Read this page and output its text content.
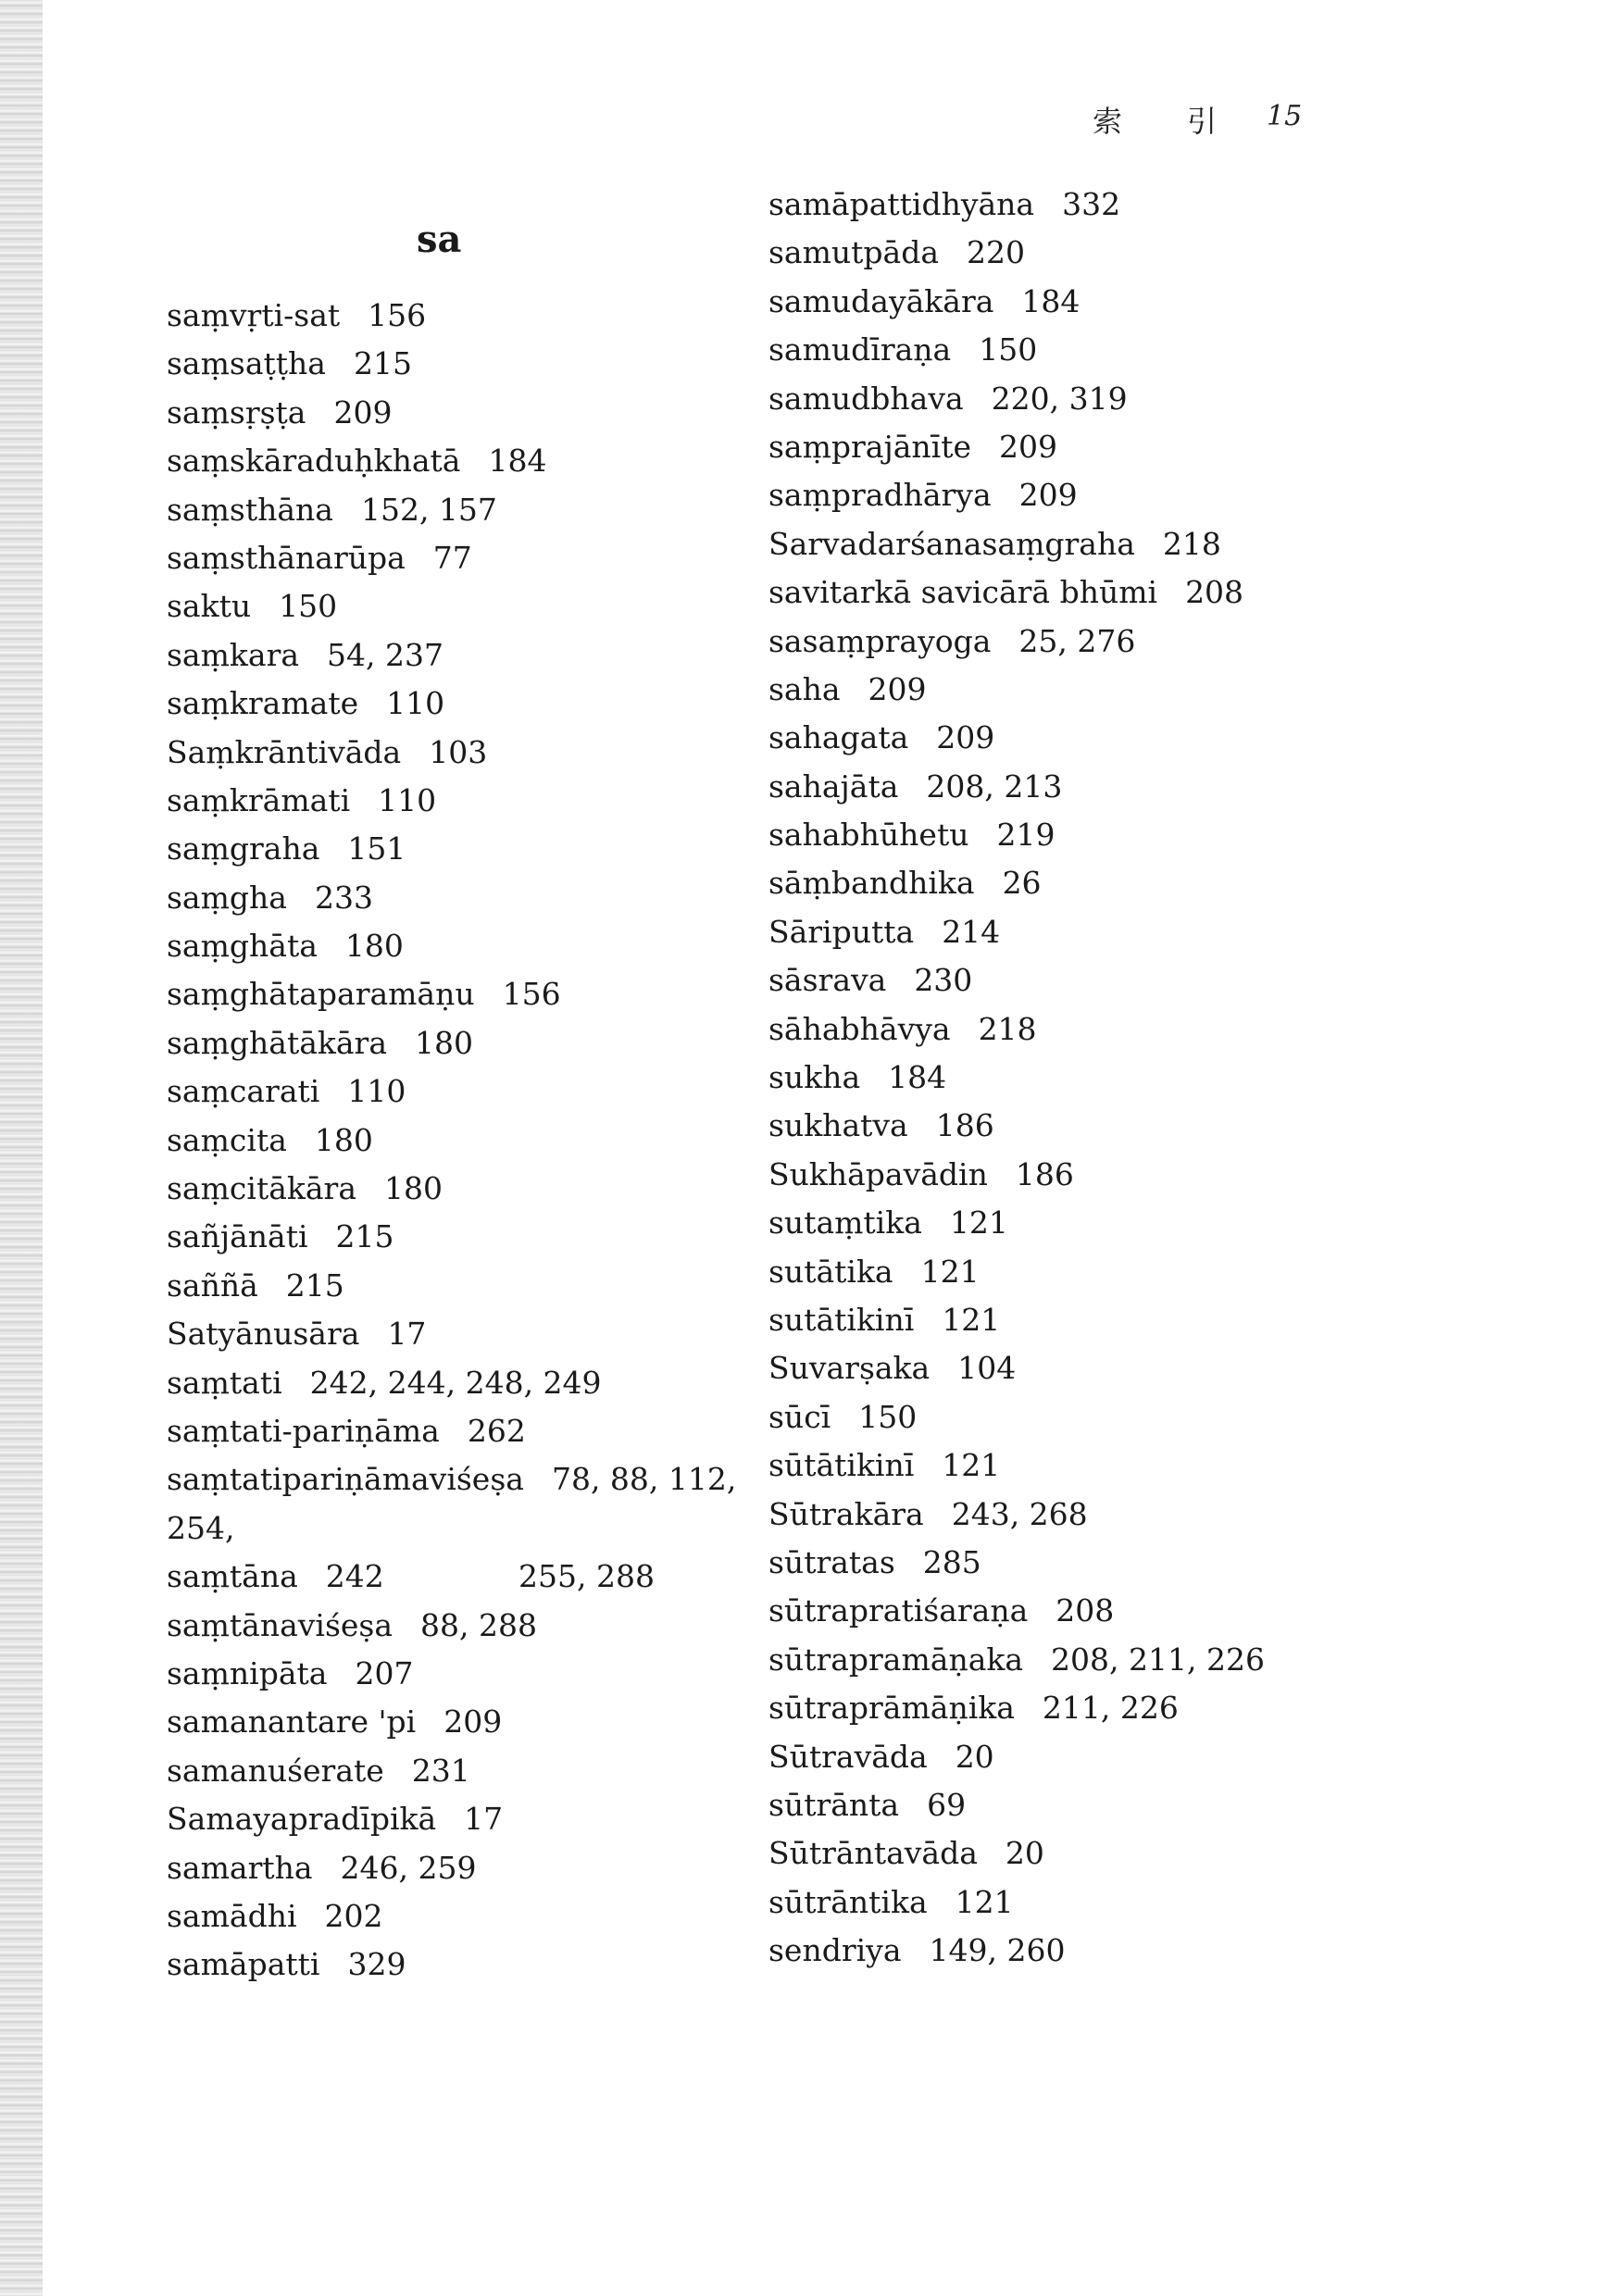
索 引 15
sa
saṃvṛti-sat 156
saṃsaṭṭha 215
saṃsṛṣṭa 209
saṃskāraduḥkhatā 184
saṃsthāna 152, 157
saṃsthānarūpa 77
saktu 150
saṃkara 54, 237
saṃkramate 110
Saṃkrāntivāda 103
saṃkrāmati 110
saṃgraha 151
saṃgha 233
saṃghāta 180
saṃghātaparamāṇu 156
saṃghātākāra 180
saṃcarati 110
saṃcita 180
saṃcitākāra 180
sañjānāti 215
saññā 215
Satyānusāra 17
saṃtati 242, 244, 248, 249
saṃtati-pariṇāma 262
saṃtatipariṇāmaviśeṣa 78, 88, 112, 254,
255, 288
saṃtāna 242
saṃtānaviśeṣa 88, 288
saṃnipāta 207
samanantare 'pi 209
samanuśerate 231
Samayapradīpikā 17
samartha 246, 259
samādhi 202
samāpatti 329
samāpattidhyāna 332
samutpāda 220
samudayākāra 184
samudīraṇa 150
samudbhava 220, 319
saṃprajānīte 209
saṃpradhārya 209
Sarvadarśanasaṃgraha 218
savitarkā savicārā bhūmi 208
sasaṃprayoga 25, 276
saha 209
sahagata 209
sahajāta 208, 213
sahabhūhetu 219
sāṃbandhika 26
Sāriputta 214
sāsrava 230
sāhabhāvya 218
sukha 184
sukhatva 186
Sukhāpavādin 186
sutaṃtika 121
sutātika 121
sutātikinī 121
Suvarṣaka 104
sūcī 150
sūtātikinī 121
Sūtrakāra 243, 268
sūtratas 285
sūtrapratiśaraṇa 208
sūtrapramāṇaka 208, 211, 226
sūtraprāmāṇika 211, 226
Sūtravāda 20
sūtrānta 69
Sūtrāntavāda 20
sūtrāntika 121
sendriya 149, 260
